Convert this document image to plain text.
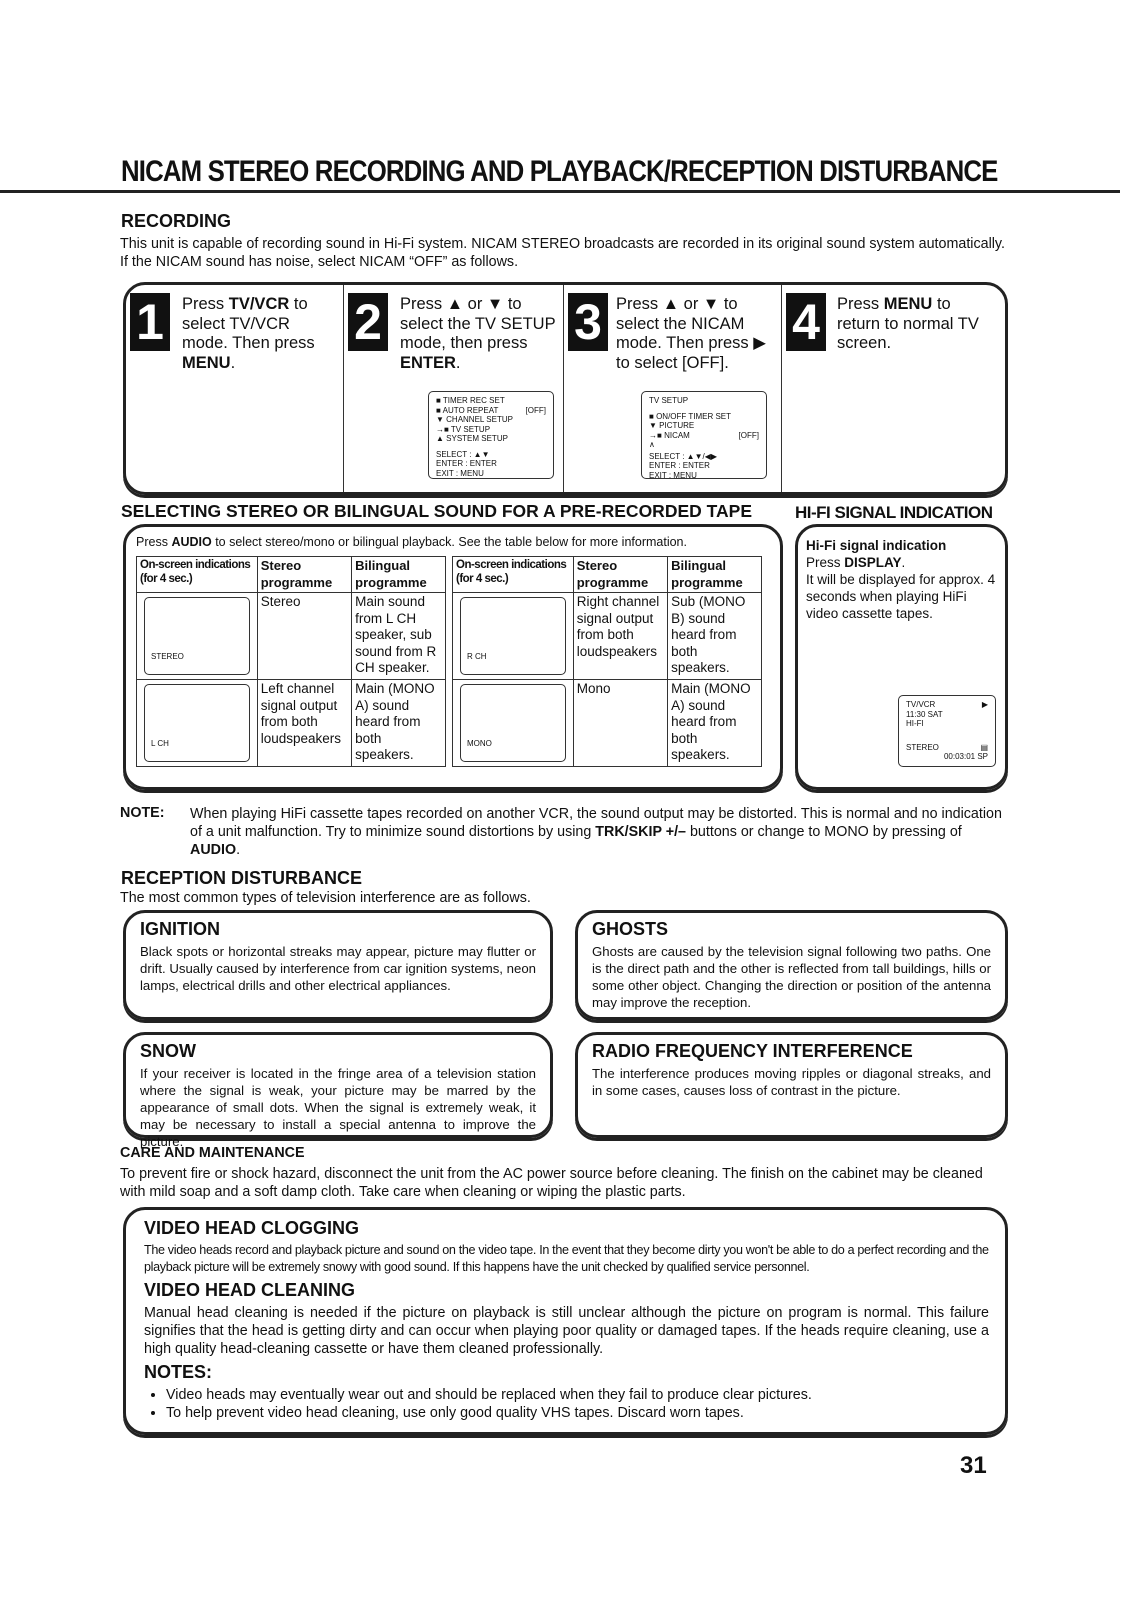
NICAM STEREO RECORDING AND PLAYBACK/RECEPTION DISTURBANCE
RECORDING
This unit is capable of recording sound in Hi-Fi system. NICAM STEREO broadcasts are recorded in its original sound system automatically. If the NICAM sound has noise, select NICAM “OFF” as follows.
1	Press TV/VCR to select TV/VCR mode. Then press MENU.
2	Press ▲ or ▼ to select the TV SETUP mode, then press ENTER.
■ TIMER REC SET
■ AUTO REPEAT	[OFF]
▼ CHANNEL SETUP
→■ TV SETUP
▲ SYSTEM SETUP
SELECT : ▲▼
ENTER : ENTER
EXIT : MENU
3 Press ▲ or ▼ to select the NICAM mode. Then press ▶ to select [OFF].
TV SETUP
■ ON/OFF TIMER SET
▼ PICTURE
→■ NICAM	[OFF]
∧
SELECT : ▲▼/◀▶
ENTER : ENTER
EXIT : MENU
4	Press MENU to return to normal TV screen.
SELECTING STEREO OR BILINGUAL SOUND FOR A PRE-RECORDED TAPE
Press AUDIO to select stereo/mono or bilingual playback. See the table below for more information.
On-screen indications (for 4 sec.)	Stereo programme	Bilingual programme

STEREO	Stereo	Main sound from L CH speaker, sub sound from R CH speaker.

L CH	Left channel signal output from both loudspeakers	Main (MONO A) sound heard from both speakers.
On-screen indications (for 4 sec.)	Stereo programme	Bilingual programme

R CH	Right channel signal output from both loudspeakers	Sub (MONO B) sound heard from both speakers.

MONO	Mono	Main (MONO A) sound heard from both speakers.
HI-FI SIGNAL INDICATION
Hi-Fi signal indication
Press DISPLAY.
It will be displayed for approx. 4 seconds when playing HiFi video cassette tapes.
TV/VCR	▶
11:30 SAT
HI-FI
STEREO	▤
00:03:01 SP
NOTE: When playing HiFi cassette tapes recorded on another VCR, the sound output may be distorted. This is normal and no indication of a unit malfunction. Try to minimize sound distortions by using TRK/SKIP +/– buttons or change to MONO by pressing of AUDIO.
RECEPTION DISTURBANCE
The most common types of television interference are as follows.
IGNITION
Black spots or horizontal streaks may appear, picture may flutter or drift. Usually caused by interference from car ignition systems, neon lamps, electrical drills and other electrical appliances.
GHOSTS
Ghosts are caused by the television signal following two paths. One is the direct path and the other is reflected from tall buildings, hills or some other object. Changing the direction or position of the antenna may improve the reception.
SNOW
If your receiver is located in the fringe area of a television station where the signal is weak, your picture may be marred by the appearance of small dots. When the signal is extremely weak, it may be necessary to install a special antenna to improve the picture.
RADIO FREQUENCY INTERFERENCE
The interference produces moving ripples or diagonal streaks, and in some cases, causes loss of contrast in the picture.
CARE AND MAINTENANCE
To prevent fire or shock hazard, disconnect the unit from the AC power source before cleaning. The finish on the cabinet may be cleaned with mild soap and a soft damp cloth. Take care when cleaning or wiping the plastic parts.
VIDEO HEAD CLOGGING
The video heads record and playback picture and sound on the video tape. In the event that they become dirty you won't be able to do a perfect recording and the playback picture will be extremely snowy with good sound. If this happens have the unit checked by qualified service personnel.
VIDEO HEAD CLEANING
Manual head cleaning is needed if the picture on playback is still unclear although the picture on program is normal. This failure signifies that the head is getting dirty and can occur when playing poor quality or damaged tapes. If the heads require cleaning, use a high quality head-cleaning cassette or have them cleaned professionally.
NOTES:
• Video heads may eventually wear out and should be replaced when they fail to produce clear pictures.
• To help prevent video head cleaning, use only good quality VHS tapes. Discard worn tapes.
31
